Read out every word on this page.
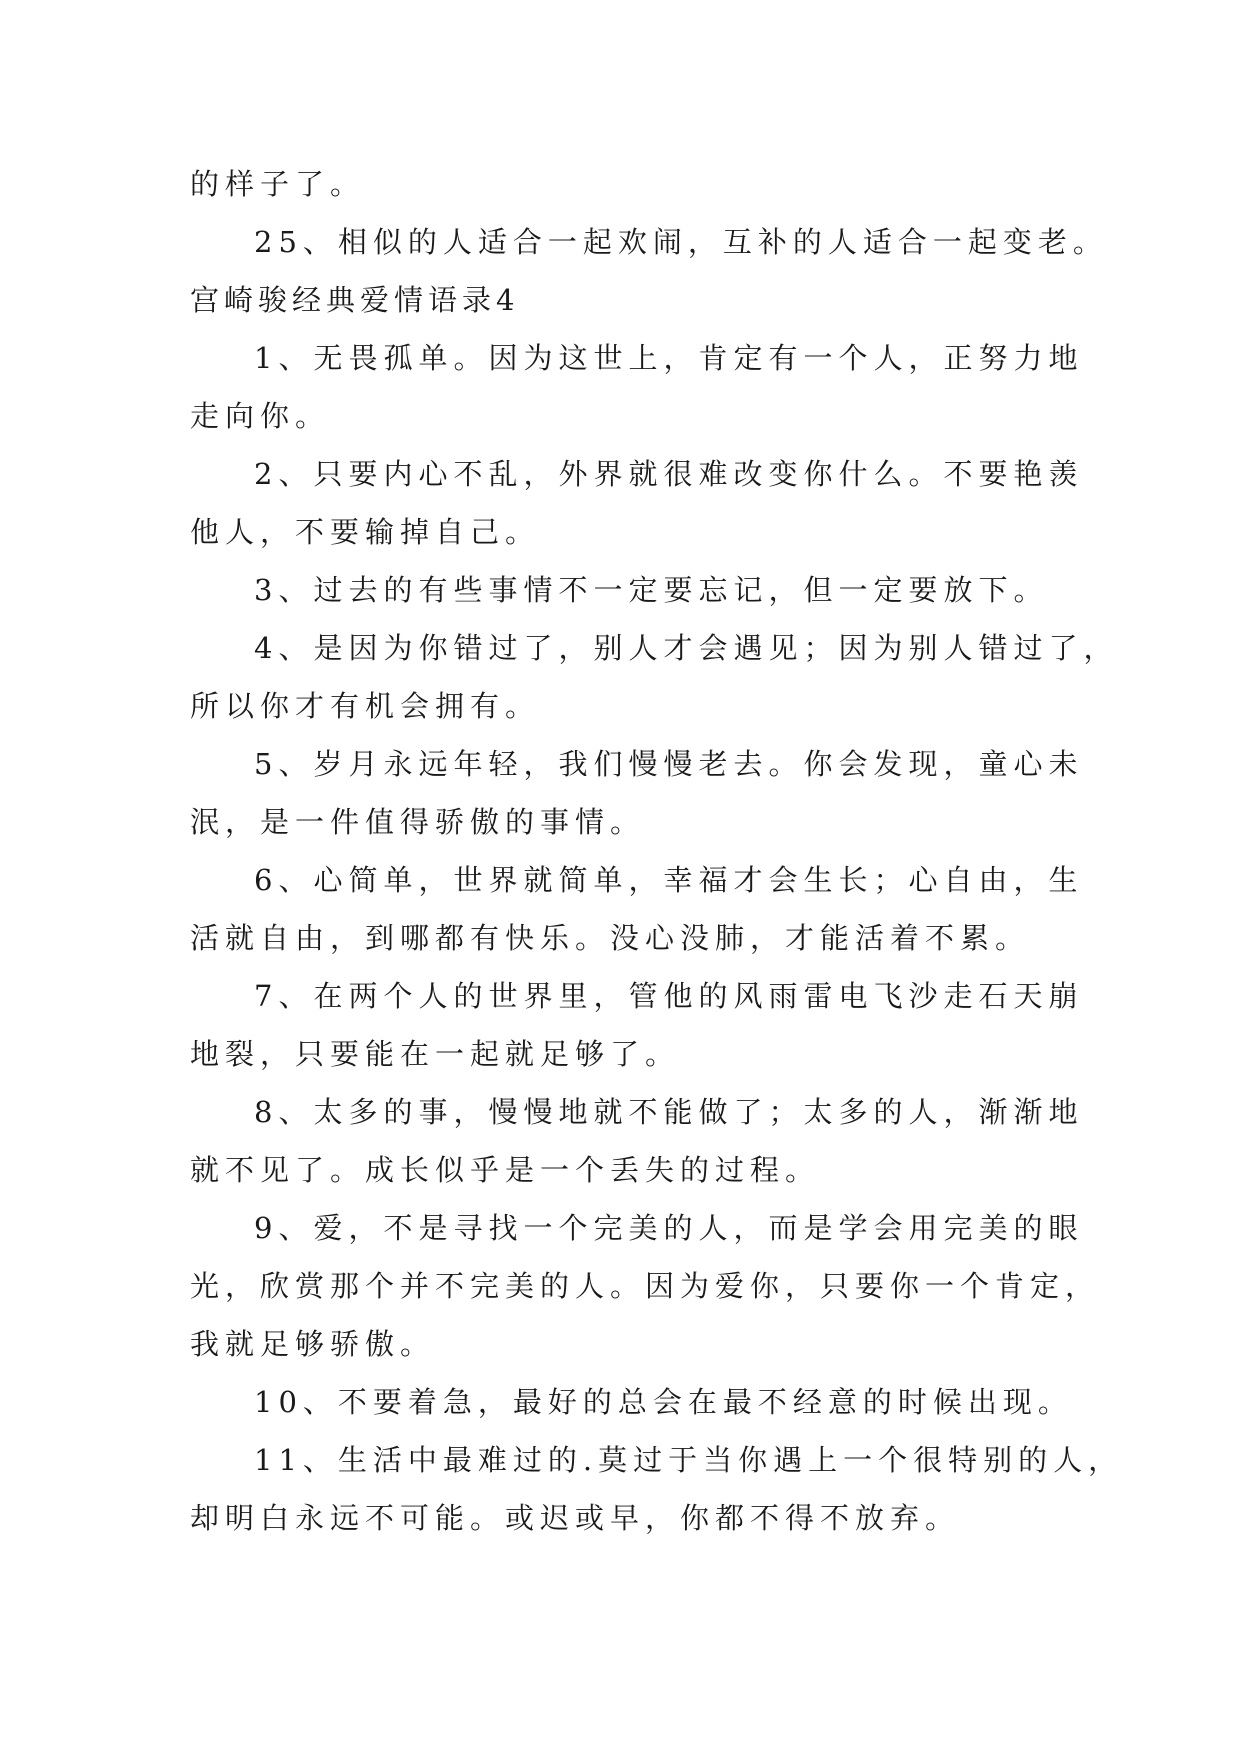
的样子了。
25、相似的人适合一起欢闹，互补的人适合一起变老。
宫崎骏经典爱情语录4
1、无畏孤单。因为这世上，肯定有一个人，正努力地
走向你。
2、只要内心不乱，外界就很难改变你什么。不要艳羡
他人，不要输掉自己。
3、过去的有些事情不一定要忘记，但一定要放下。
4、是因为你错过了，别人才会遇见；因为别人错过了，
所以你才有机会拥有。
5、岁月永远年轻，我们慢慢老去。你会发现，童心未
泯，是一件值得骄傲的事情。
6、心简单，世界就简单，幸福才会生长；心自由，生
活就自由，到哪都有快乐。没心没肺，才能活着不累。
7、在两个人的世界里，管他的风雨雷电飞沙走石天崩
地裂，只要能在一起就足够了。
8、太多的事，慢慢地就不能做了；太多的人，渐渐地
就不见了。成长似乎是一个丢失的过程。
9、爱，不是寻找一个完美的人，而是学会用完美的眼
光，欣赏那个并不完美的人。因为爱你，只要你一个肯定，
我就足够骄傲。
10、不要着急，最好的总会在最不经意的时候出现。
11、生活中最难过的.莫过于当你遇上一个很特别的人，
却明白永远不可能。或迟或早，你都不得不放弃。
